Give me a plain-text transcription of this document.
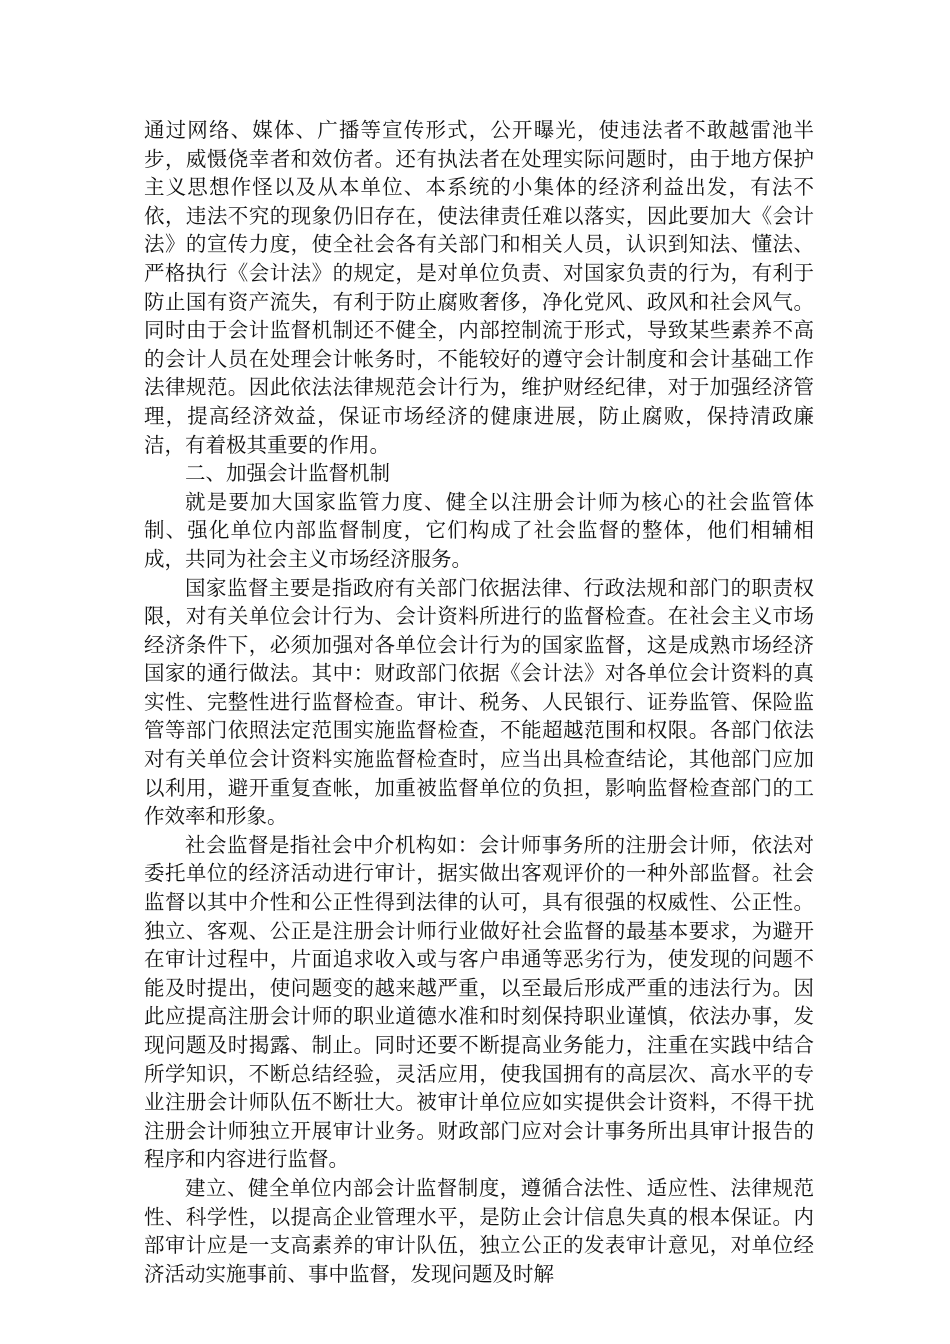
通过网络、媒体、广播等宣传形式，公开曝光，使违法者不敢越雷池半步，威慑侥幸者和效仿者。还有执法者在处理实际问题时，由于地方保护主义思想作怪以及从本单位、本系统的小集体的经济利益出发，有法不依，违法不究的现象仍旧存在，使法律责任难以落实，因此要加大《会计法》的宣传力度，使全社会各有关部门和相关人员，认识到知法、懂法、严格执行《会计法》的规定，是对单位负责、对国家负责的行为，有利于防止国有资产流失，有利于防止腐败奢侈，净化党风、政风和社会风气。同时由于会计监督机制还不健全，内部控制流于形式，导致某些素养不高的会计人员在处理会计帐务时，不能较好的遵守会计制度和会计基础工作法律规范。因此依法法律规范会计行为，维护财经纪律，对于加强经济管理，提高经济效益，保证市场经济的健康进展，防止腐败，保持清政廉洁，有着极其重要的作用。

二、加强会计监督机制

就是要加大国家监管力度、健全以注册会计师为核心的社会监管体制、强化单位内部监督制度，它们构成了社会监督的整体，他们相辅相成，共同为社会主义市场经济服务。

国家监督主要是指政府有关部门依据法律、行政法规和部门的职责权限，对有关单位会计行为、会计资料所进行的监督检查。在社会主义市场经济条件下，必须加强对各单位会计行为的国家监督，这是成熟市场经济国家的通行做法。其中：财政部门依据《会计法》对各单位会计资料的真实性、完整性进行监督检查。审计、税务、人民银行、证券监管、保险监管等部门依照法定范围实施监督检查，不能超越范围和权限。各部门依法对有关单位会计资料实施监督检查时，应当出具检查结论，其他部门应加以利用，避开重复查帐，加重被监督单位的负担，影响监督检查部门的工作效率和形象。

社会监督是指社会中介机构如：会计师事务所的注册会计师，依法对委托单位的经济活动进行审计，据实做出客观评价的一种外部监督。社会监督以其中介性和公正性得到法律的认可，具有很强的权威性、公正性。独立、客观、公正是注册会计师行业做好社会监督的最基本要求，为避开在审计过程中，片面追求收入或与客户串通等恶劣行为，使发现的问题不能及时提出，使问题变的越来越严重，以至最后形成严重的违法行为。因此应提高注册会计师的职业道德水准和时刻保持职业谨慎，依法办事，发现问题及时揭露、制止。同时还要不断提高业务能力，注重在实践中结合所学知识，不断总结经验，灵活应用，使我国拥有的高层次、高水平的专业注册会计师队伍不断壮大。被审计单位应如实提供会计资料，不得干扰注册会计师独立开展审计业务。财政部门应对会计事务所出具审计报告的程序和内容进行监督。

建立、健全单位内部会计监督制度，遵循合法性、适应性、法律规范性、科学性，以提高企业管理水平，是防止会计信息失真的根本保证。内部审计应是一支高素养的审计队伍，独立公正的发表审计意见，对单位经济活动实施事前、事中监督，发现问题及时解
